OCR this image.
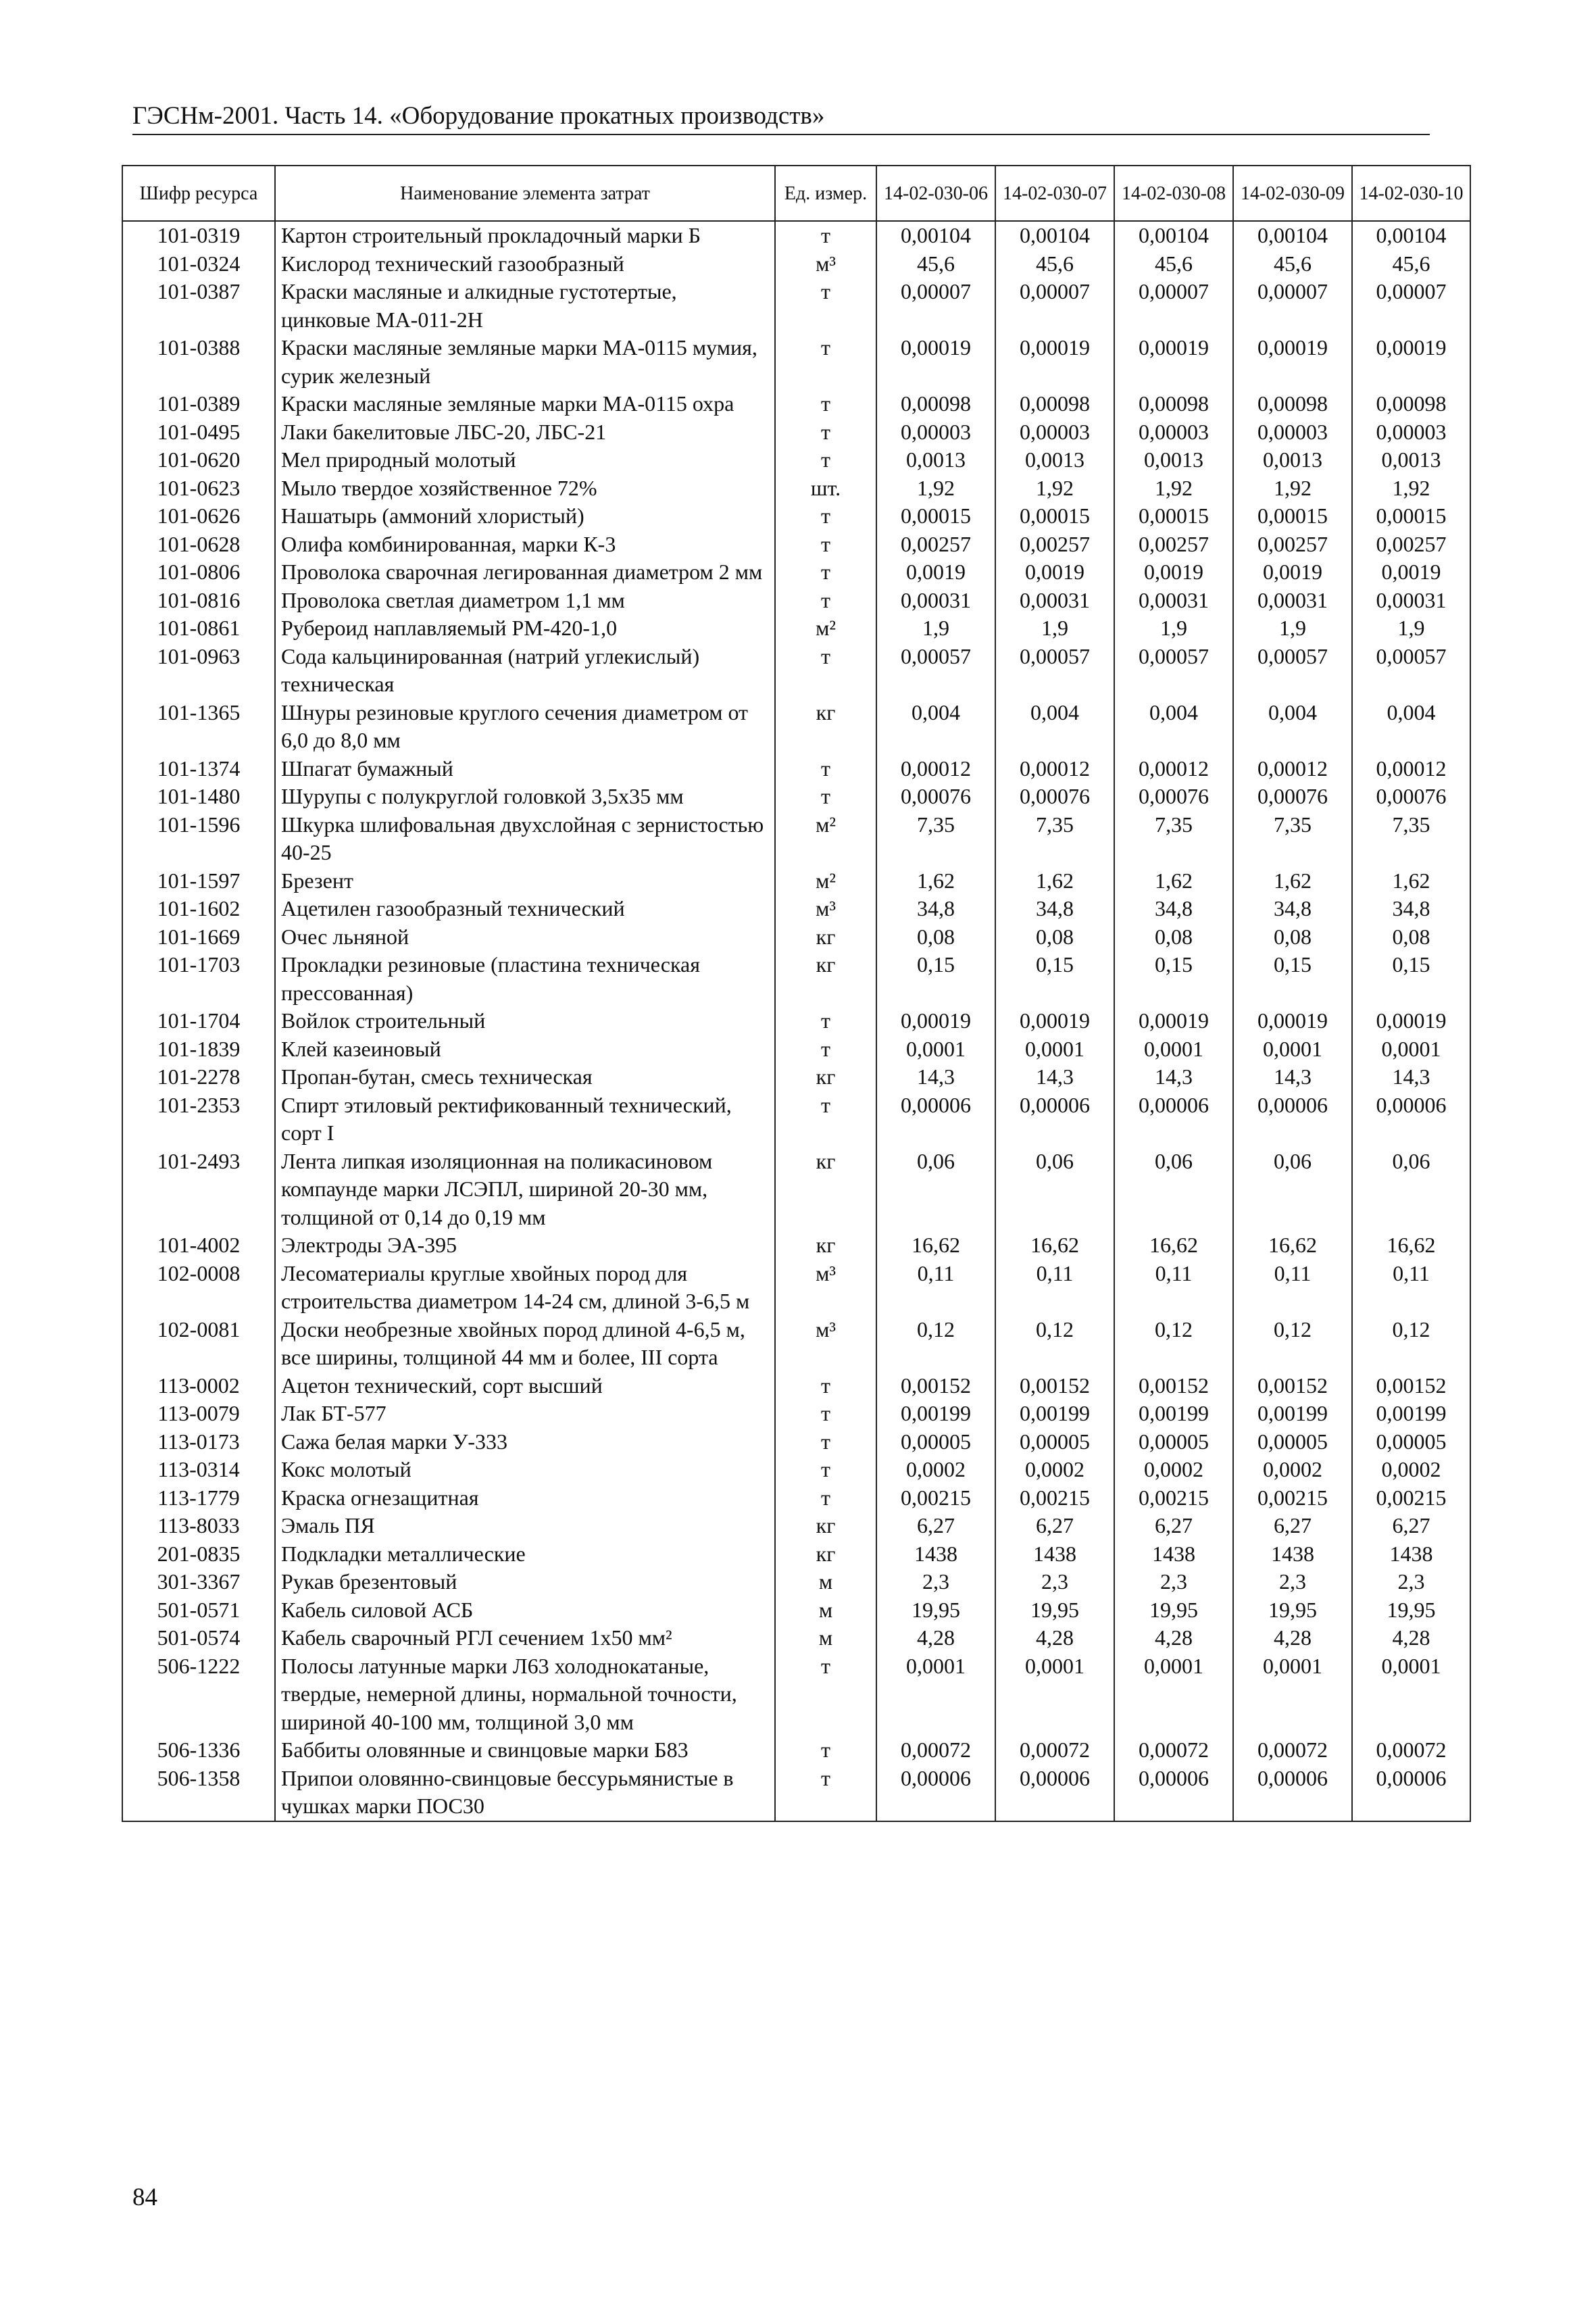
ГЭСНм-2001. Часть 14. «Оборудование прокатных производств»
Шифр ресурса	Наименование элемента затрат	Ед. измер.	14-02-030-06	14-02-030-07	14-02-030-08	14-02-030-09	14-02-030-10
101-0319	Картон строительный прокладочный марки Б	т	0,00104	0,00104	0,00104	0,00104	0,00104
101-0324	Кислород технический газообразный	м³	45,6	45,6	45,6	45,6	45,6
101-0387	Краски масляные и алкидные густотертые, цинковые МА-011-2Н	т	0,00007	0,00007	0,00007	0,00007	0,00007
101-0388	Краски масляные земляные марки МА-0115 мумия, сурик железный	т	0,00019	0,00019	0,00019	0,00019	0,00019
101-0389	Краски масляные земляные марки МА-0115 охра	т	0,00098	0,00098	0,00098	0,00098	0,00098
101-0495	Лаки бакелитовые ЛБС-20, ЛБС-21	т	0,00003	0,00003	0,00003	0,00003	0,00003
101-0620	Мел природный молотый	т	0,0013	0,0013	0,0013	0,0013	0,0013
101-0623	Мыло твердое хозяйственное 72%	шт.	1,92	1,92	1,92	1,92	1,92
101-0626	Нашатырь (аммоний хлористый)	т	0,00015	0,00015	0,00015	0,00015	0,00015
101-0628	Олифа комбинированная, марки К-3	т	0,00257	0,00257	0,00257	0,00257	0,00257
101-0806	Проволока сварочная легированная диаметром 2 мм	т	0,0019	0,0019	0,0019	0,0019	0,0019
101-0816	Проволока светлая диаметром 1,1 мм	т	0,00031	0,00031	0,00031	0,00031	0,00031
101-0861	Рубероид наплавляемый РМ-420-1,0	м²	1,9	1,9	1,9	1,9	1,9
101-0963	Сода кальцинированная (натрий углекислый) техническая	т	0,00057	0,00057	0,00057	0,00057	0,00057
101-1365	Шнуры резиновые круглого сечения диаметром от 6,0 до 8,0 мм	кг	0,004	0,004	0,004	0,004	0,004
101-1374	Шпагат бумажный	т	0,00012	0,00012	0,00012	0,00012	0,00012
101-1480	Шурупы с полукруглой головкой 3,5х35 мм	т	0,00076	0,00076	0,00076	0,00076	0,00076
101-1596	Шкурка шлифовальная двухслойная с зернистостью 40-25	м²	7,35	7,35	7,35	7,35	7,35
101-1597	Брезент	м²	1,62	1,62	1,62	1,62	1,62
101-1602	Ацетилен газообразный технический	м³	34,8	34,8	34,8	34,8	34,8
101-1669	Очес льняной	кг	0,08	0,08	0,08	0,08	0,08
101-1703	Прокладки резиновые (пластина техническая прессованная)	кг	0,15	0,15	0,15	0,15	0,15
101-1704	Войлок строительный	т	0,00019	0,00019	0,00019	0,00019	0,00019
101-1839	Клей казеиновый	т	0,0001	0,0001	0,0001	0,0001	0,0001
101-2278	Пропан-бутан, смесь техническая	кг	14,3	14,3	14,3	14,3	14,3
101-2353	Спирт этиловый ректификованный технический, сорт I	т	0,00006	0,00006	0,00006	0,00006	0,00006
101-2493	Лента липкая изоляционная на поликасиновом компаунде марки ЛСЭПЛ, шириной 20-30 мм, толщиной от 0,14 до 0,19 мм	кг	0,06	0,06	0,06	0,06	0,06
101-4002	Электроды ЭА-395	кг	16,62	16,62	16,62	16,62	16,62
102-0008	Лесоматериалы круглые хвойных пород для строительства диаметром 14-24 см, длиной 3-6,5 м	м³	0,11	0,11	0,11	0,11	0,11
102-0081	Доски необрезные хвойных пород длиной 4-6,5 м, все ширины, толщиной 44 мм и более, III сорта	м³	0,12	0,12	0,12	0,12	0,12
113-0002	Ацетон технический, сорт высший	т	0,00152	0,00152	0,00152	0,00152	0,00152
113-0079	Лак БТ-577	т	0,00199	0,00199	0,00199	0,00199	0,00199
113-0173	Сажа белая марки У-333	т	0,00005	0,00005	0,00005	0,00005	0,00005
113-0314	Кокс молотый	т	0,0002	0,0002	0,0002	0,0002	0,0002
113-1779	Краска огнезащитная	т	0,00215	0,00215	0,00215	0,00215	0,00215
113-8033	Эмаль ПЯ	кг	6,27	6,27	6,27	6,27	6,27
201-0835	Подкладки металлические	кг	1438	1438	1438	1438	1438
301-3367	Рукав брезентовый	м	2,3	2,3	2,3	2,3	2,3
501-0571	Кабель силовой АСБ	м	19,95	19,95	19,95	19,95	19,95
501-0574	Кабель сварочный РГЛ сечением 1х50 мм²	м	4,28	4,28	4,28	4,28	4,28
506-1222	Полосы латунные марки Л63 холоднокатаные, твердые, немерной длины, нормальной точности, шириной 40-100 мм, толщиной 3,0 мм	т	0,0001	0,0001	0,0001	0,0001	0,0001
506-1336	Баббиты оловянные и свинцовые марки Б83	т	0,00072	0,00072	0,00072	0,00072	0,00072
506-1358	Припои оловянно-свинцовые бессурьмянистые в чушках марки ПОС30	т	0,00006	0,00006	0,00006	0,00006	0,00006
84
